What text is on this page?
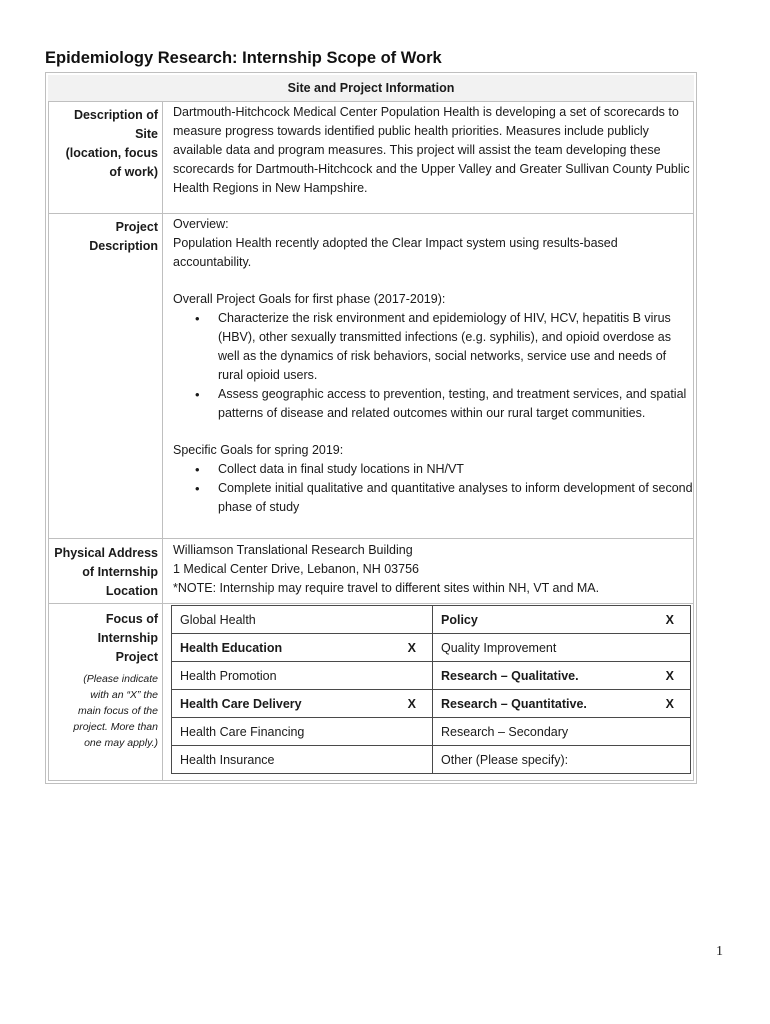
Epidemiology Research: Internship Scope of Work
Site and Project Information
Description of
Site
(location, focus
of work)

Dartmouth-Hitchcock Medical Center Population Health is developing a set of scorecards to measure progress towards identified public health priorities. Measures include publicly available data and program measures. This project will assist the team developing these scorecards for Dartmouth-Hitchcock and the Upper Valley and Greater Sullivan County Public Health Regions in New Hampshire.

Project
Description

Overview:

Population Health recently adopted the Clear Impact system using results-based accountability.

Overall Project Goals for first phase (2017-2019):

• Characterize the risk environment and epidemiology of HIV, HCV, hepatitis B virus (HBV), other sexually transmitted infections (e.g. syphilis), and opioid overdose as well as the dynamics of risk behaviors, social networks, service use and needs of rural opioid users.
• Assess geographic access to prevention, testing, and treatment services, and spatial patterns of disease and related outcomes within our rural target communities.

Specific Goals for spring 2019:

• Collect data in final study locations in NH/VT
• Complete initial qualitative and quantitative analyses to inform development of second phase of study
Physical Address
of Internship
Location

Williamson Translational Research Building

1 Medical Center Drive, Lebanon, NH 03756

*NOTE: Internship may require travel to different sites within NH, VT and MA.

Focus of
Internship
Project
(Please indicate
with an “X” the
main focus of the
project. More than
one may apply.)
Global Health	Policy X

Health Education X	Quality Improvement

Health Promotion	Research – Qualitative. X

Health Care Delivery X	Research – Quantitative. X

Health Care Financing	Research – Secondary

Health Insurance	Other (Please specify):
1
